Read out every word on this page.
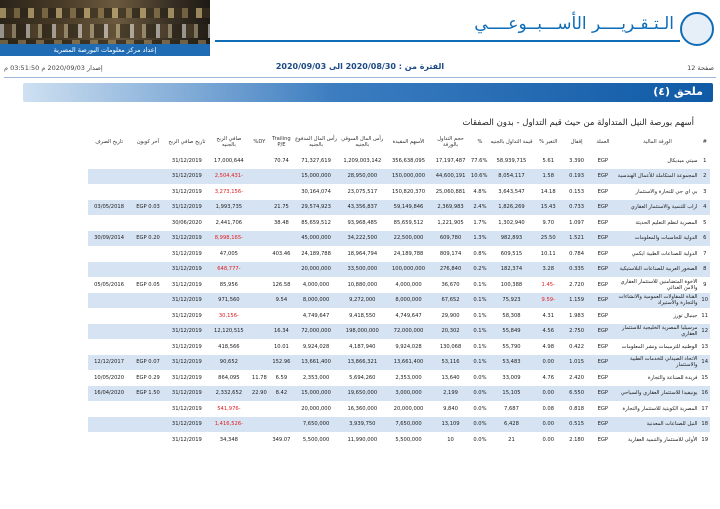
إعداد مركز معلومات البورصة المصرية
الـتـقـريــــر الأســـبــوعــــي
إصدار 2020/09/03 م 03:51:50 م	الفترة من : 2020/08/30 الى 2020/09/03	صفحة 12
ملحق (٤)
أسهم بورصة النيل المتداولة من حيث قيم التداول - بدون الصفقات
#	الورقة المالية	العملة	إقفال	التغير %	قيمة التداول بالجنيه	%	حجم التداول بالورقة	الأسهم المقيدة	رأس المال السوقي بالجنيه	رأس المال المدفوع بالجنيه	Trailing P/E	DY%	صافي الربح بالجنيه	تاريخ صافي الربح	آخر كوبون	تاريخ الصرف
1	سيتي ميديكال	EGP	3.390	5.61	58,939,715	77.6%	17,197,487	356,638,095	1,209,003,142	71,327,619	70.74		17,000,644	31/12/2019		
2	المجموعة المتكاملة للأعمال الهندسية	EGP	0.193	1.58	8,054,117	10.6%	44,600,191	150,000,000	28,950,000	15,000,000			-2,504,431	31/12/2019		
3	بي اي جي للتجارة والاستثمار	EGP	0.153	14.18	3,643,547	4.8%	25,060,881	150,820,370	23,075,517	30,164,074			-3,273,156	31/12/2019		
4	اراب للتنمية والاستثمار العقاري	EGP	0.733	15.43	1,826,269	2.4%	2,369,983	59,149,846	43,356,837	29,574,923	21.75		1,993,735	31/12/2019	EGP 0.03	03/05/2018
5	المصرية لنظم التعليم الحديثة	EGP	1.097	9.70	1,302,940	1.7%	1,221,905	85,659,512	93,968,485	85,659,512	38.48		2,441,706	30/06/2020		
6	الدولية للحاسبات والمعلومات	EGP	1.521	25.50	982,893	1.3%	609,780	22,500,000	34,222,500	45,000,000			-8,998,165	31/12/2019	EGP 0.20	30/09/2014
7	الدولية للصناعات الطبية ايكمي	EGP	0.784	10.11	609,515	0.8%	809,174	24,189,788	18,964,794	24,189,788	403.46		47,005	31/12/2019		
8	الصخور العربية للصناعات البلاستيكية	EGP	0.335	3.28	182,374	0.2%	276,840	100,000,000	33,500,000	20,000,000			-648,777	31/12/2019		
9	الاخوة المتضامنين للاستثمار العقاري والامن الغذائي	EGP	2.720	-1.45	100,388	0.1%	36,670	4,000,000	10,880,000	4,000,000	126.58		85,956	31/12/2019	EGP 0.05	05/05/2016
10	القناة للمقاولات العمومية والانشاءات والتجارة والاستيراد	EGP	1.159	-9.59	75,923	0.1%	67,652	8,000,000	9,272,000	8,000,000	9.54		971,560	31/12/2019		
11	جينيال تورز	EGP	1.983	4.31	58,308	0.1%	29,900	4,749,647	9,418,550	4,749,647			-30,156	31/12/2019		
12	مرسيليا المصرية الخليجية للاستثمار العقاري	EGP	2.750	4.56	55,849	0.1%	20,302	72,000,000	198,000,000	72,000,000	16.34		12,120,515	31/12/2019		
13	الوطنيه للترميمات ونشر المعلومات	EGP	0.422	4.98	55,790	0.1%	130,068	9,924,028	4,187,940	9,924,028	10.01		418,566	31/12/2019		
14	الاتحاد الصيدلي للخدمات الطبية والاستثمار	EGP	1.015	0.00	53,483	0.1%	53,116	13,661,400	13,866,321	13,661,400	152.96		90,652	31/12/2019	EGP 0.07	12/12/2017
15	فريدة للصناعة والتجارة	EGP	2.420	4.76	33,009	0.0%	13,640	2,353,000	5,694,260	2,353,000	6.59	11.78	864,095	31/12/2019	EGP 0.29	10/05/2020
16	يونيفيدا للاستثمار العقاري والسياحي	EGP	6.550	0.00	15,105	0.0%	2,199	3,000,000	19,650,000	15,000,000	8.42	22.90	2,332,652	31/12/2019	EGP 1.50	16/04/2020
17	المصرية الكويتية للاستثمار والتجارة	EGP	0.818	0.08	7,687	0.0%	9,840	20,000,000	16,360,000	20,000,000			-541,976	31/12/2019		
18	النيل للصناعات المعدنية	EGP	0.515	0.00	6,428	0.0%	13,109	7,650,000	3,939,750	7,650,000			-1,416,526	31/12/2019		
19	الأولى للاستثمار والتنمية العقارية	EGP	2.180	0.00	21	0.0%	10	5,500,000	11,990,000	5,500,000	349.07		34,348	31/12/2019		
